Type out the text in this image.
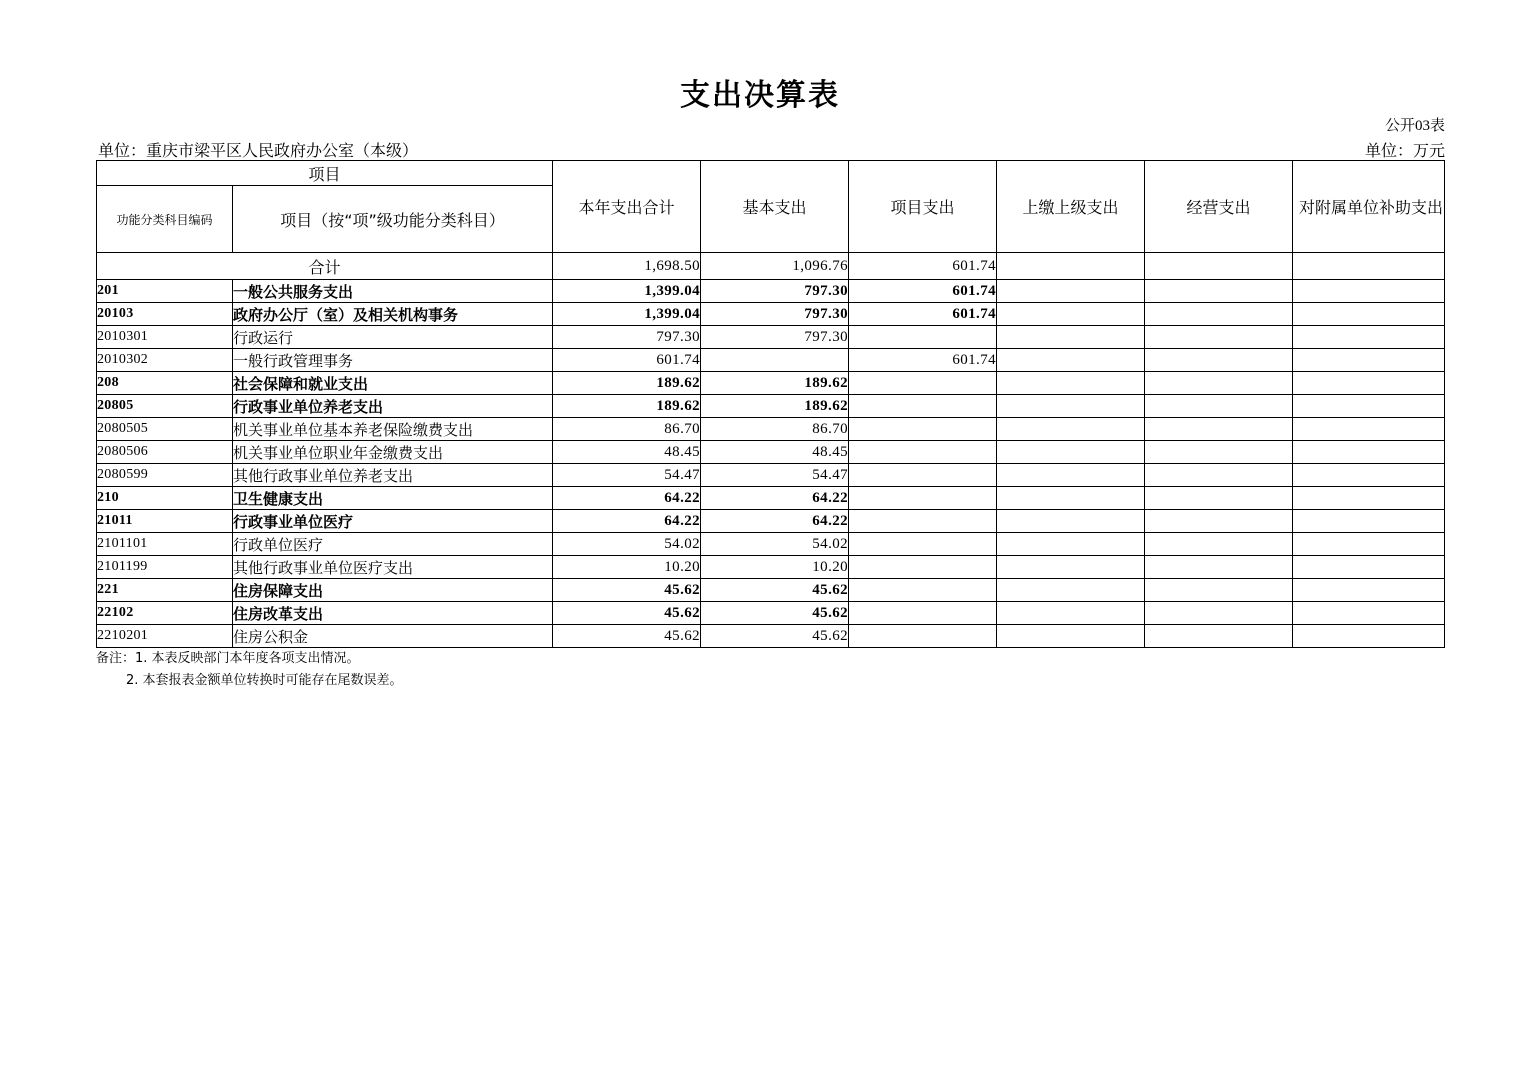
支出决算表
公开03表
单位：重庆市梁平区人民政府办公室（本级）	单位：万元
项目		本年支出合计	基本支出	项目支出	上缴上级支出	经营支出	对附属单位补助支出
功能分类科目编码	项目（按“项”级功能分类科目）						
合计		1,698.50	1,096.76	601.74			
201	一般公共服务支出	1,399.04	797.30	601.74			
20103	政府办公厅（室）及相关机构事务	1,399.04	797.30	601.74			
2010301	行政运行	797.30	797.30				
2010302	一般行政管理事务	601.74		601.74			
208	社会保障和就业支出	189.62	189.62				
20805	行政事业单位养老支出	189.62	189.62				
2080505	机关事业单位基本养老保险缴费支出	86.70	86.70				
2080506	机关事业单位职业年金缴费支出	48.45	48.45				
2080599	其他行政事业单位养老支出	54.47	54.47				
210	卫生健康支出	64.22	64.22				
21011	行政事业单位医疗	64.22	64.22				
2101101	行政单位医疗	54.02	54.02				
2101199	其他行政事业单位医疗支出	10.20	10.20				
221	住房保障支出	45.62	45.62				
22102	住房改革支出	45.62	45.62				
2210201	住房公积金	45.62	45.62				
备注：1. 本表反映部门本年度各项支出情况。
2. 本套报表金额单位转换时可能存在尾数误差。
